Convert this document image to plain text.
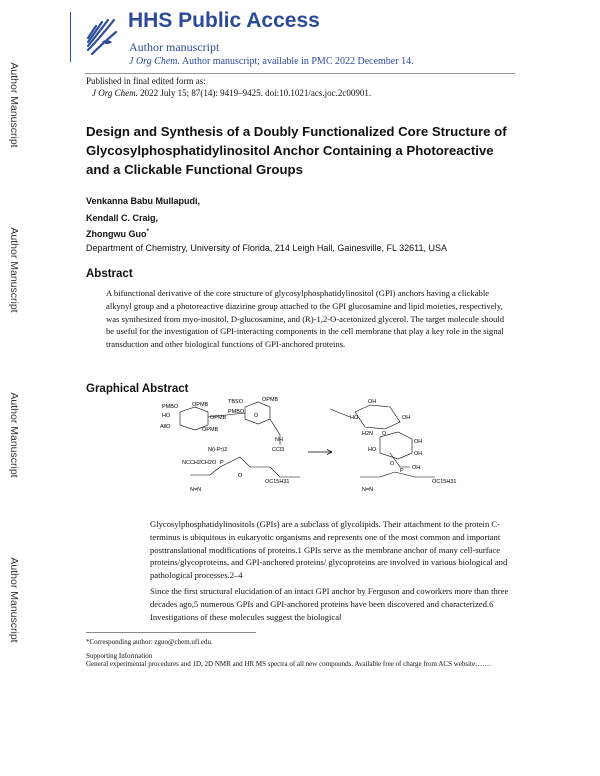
Author Manuscript
Author Manuscript
Author Manuscript
Author Manuscript
HHS Public Access
Author manuscript
J Org Chem. Author manuscript; available in PMC 2022 December 14.
Published in final edited form as:
J Org Chem. 2022 July 15; 87(14): 9419–9425. doi:10.1021/acs.joc.2c00901.
Design and Synthesis of a Doubly Functionalized Core Structure of Glycosylphosphatidylinositol Anchor Containing a Photoreactive and a Clickable Functional Groups
Venkanna Babu Mullapudi,
Kendall C. Craig,
Zhongwu Guo*
Department of Chemistry, University of Florida, 214 Leigh Hall, Gainesville, FL 32611, USA
Abstract
A bifunctional derivative of the core structure of glycosylphosphatidylinositol (GPI) anchors having a clickable alkynyl group and a photoreactive diazirine group attached to the GPI glucosamine and lipid moieties, respectively, was synthesized from myo-inositol, D-glucosamine, and (R)-1,2-O-acetonized glycerol. The target molecule should be useful for the investigation of GPI-interacting components in the cell membrane that play a key role in the signal transduction and other biological functions of GPI-anchored proteins.
Graphical Abstract
PMBO	OPMB
HO	OPMB
AllO	OPMB
TBSO	OPMB
PMBO
O
NH
CCl3
NCCH2CH2O P
N(i-Pr)2
O
OC15H31
N=N
OH
HO	OH
H2N O
HO
OH
OH
O
P OH
OC15H31
N=N
Glycosylphosphatidylinositols (GPIs) are a subclass of glycolipids. Their attachment to the protein C-terminus is ubiquitous in eukaryotic organisms and represents one of the most common and important posttranslational modifications of proteins.1 GPIs serve as the membrane anchor of many cell-surface proteins/glycoproteins, and GPI-anchored proteins/ glycoproteins are involved in various biological and pathological processes.2–4
Since the first structural elucidation of an intact GPI anchor by Ferguson and coworkers more than three decades ago,5 numerous GPIs and GPI-anchored proteins have been discovered and characterized.6 Investigations of these molecules suggest the biological
*Corresponding author: zguo@chem.ufl.edu.
Supporting Information
General experimental procedures and 1D, 2D NMR and HR MS spectra of all new compounds. Available free of charge from ACS website…….
